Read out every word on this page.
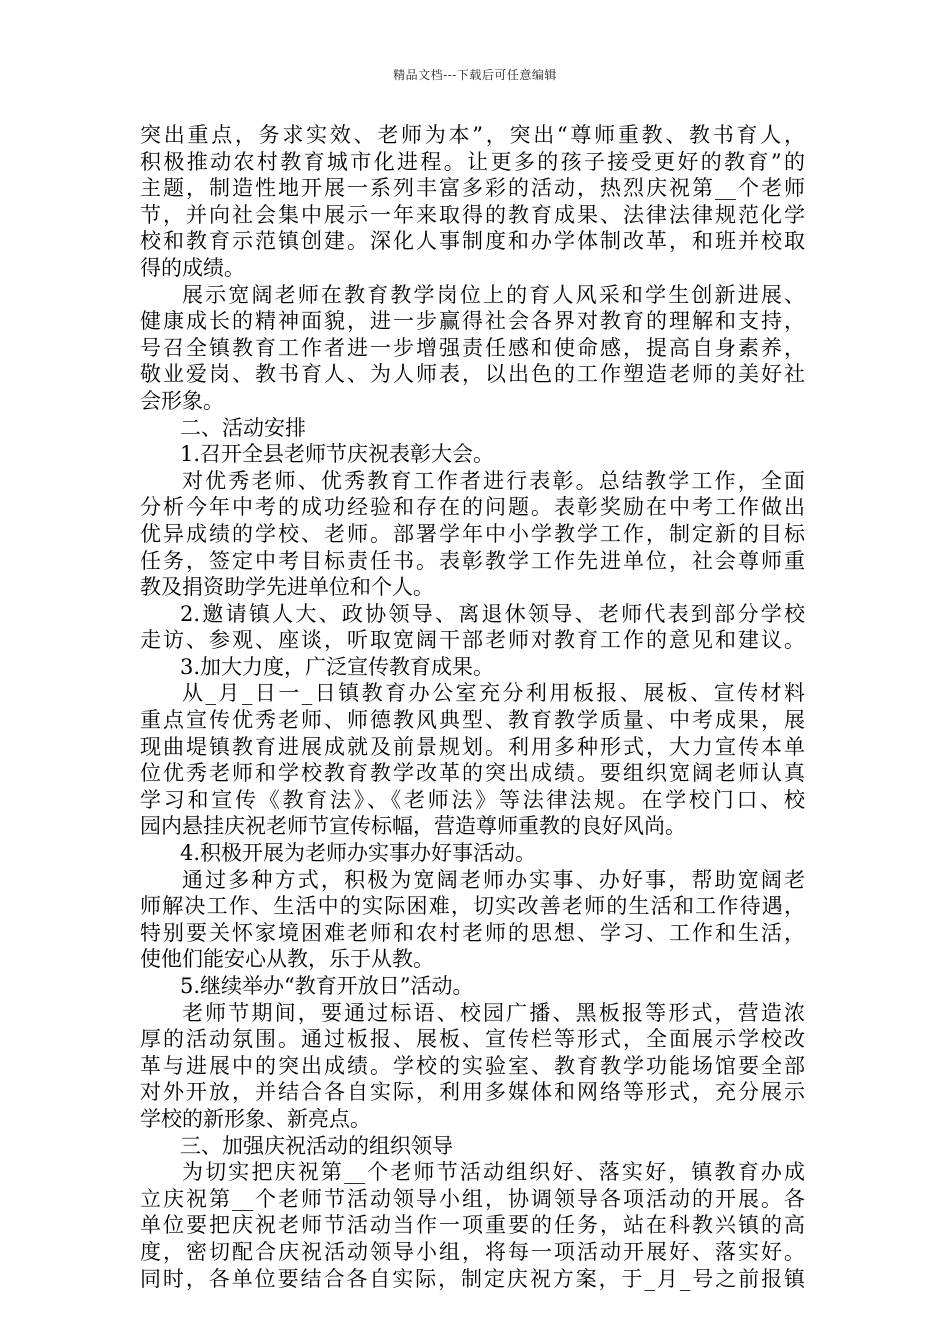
精品文档---下载后可任意编辑
突出重点，务求实效、老师为本”，突出“尊师重教、教书育人，
积极推动农村教育城市化进程。让更多的孩子接受更好的教育”的
主题，制造性地开展一系列丰富多彩的活动，热烈庆祝第__个老师
节，并向社会集中展示一年来取得的教育成果、法律法律规范化学
校和教育示范镇创建。深化人事制度和办学体制改革，和班并校取
得的成绩。
展示宽阔老师在教育教学岗位上的育人风采和学生创新进展、
健康成长的精神面貌，进一步赢得社会各界对教育的理解和支持，
号召全镇教育工作者进一步增强责任感和使命感，提高自身素养，
敬业爱岗、教书育人、为人师表，以出色的工作塑造老师的美好社
会形象。
二、活动安排
1.召开全县老师节庆祝表彰大会。
对优秀老师、优秀教育工作者进行表彰。总结教学工作，全面
分析今年中考的成功经验和存在的问题。表彰奖励在中考工作做出
优异成绩的学校、老师。部署学年中小学教学工作，制定新的目标
任务，签定中考目标责任书。表彰教学工作先进单位，社会尊师重
教及捐资助学先进单位和个人。
2.邀请镇人大、政协领导、离退休领导、老师代表到部分学校
走访、参观、座谈，听取宽阔干部老师对教育工作的意见和建议。
3.加大力度，广泛宣传教育成果。
从_月_日一_日镇教育办公室充分利用板报、展板、宣传材料
重点宣传优秀老师、师德教风典型、教育教学质量、中考成果，展
现曲堤镇教育进展成就及前景规划。利用多种形式，大力宣传本单
位优秀老师和学校教育教学改革的突出成绩。要组织宽阔老师认真
学习和宣传《教育法》、《老师法》等法律法规。在学校门口、校
园内悬挂庆祝老师节宣传标幅，营造尊师重教的良好风尚。
4.积极开展为老师办实事办好事活动。
通过多种方式，积极为宽阔老师办实事、办好事，帮助宽阔老
师解决工作、生活中的实际困难，切实改善老师的生活和工作待遇，
特别要关怀家境困难老师和农村老师的思想、学习、工作和生活，
使他们能安心从教，乐于从教。
5.继续举办“教育开放日”活动。
老师节期间，要通过标语、校园广播、黑板报等形式，营造浓
厚的活动氛围。通过板报、展板、宣传栏等形式，全面展示学校改
革与进展中的突出成绩。学校的实验室、教育教学功能场馆要全部
对外开放，并结合各自实际，利用多媒体和网络等形式，充分展示
学校的新形象、新亮点。
三、加强庆祝活动的组织领导
为切实把庆祝第__个老师节活动组织好、落实好，镇教育办成
立庆祝第__个老师节活动领导小组，协调领导各项活动的开展。各
单位要把庆祝老师节活动当作一项重要的任务，站在科教兴镇的高
度，密切配合庆祝活动领导小组，将每一项活动开展好、落实好。
同时，各单位要结合各自实际，制定庆祝方案，于_月_号之前报镇
